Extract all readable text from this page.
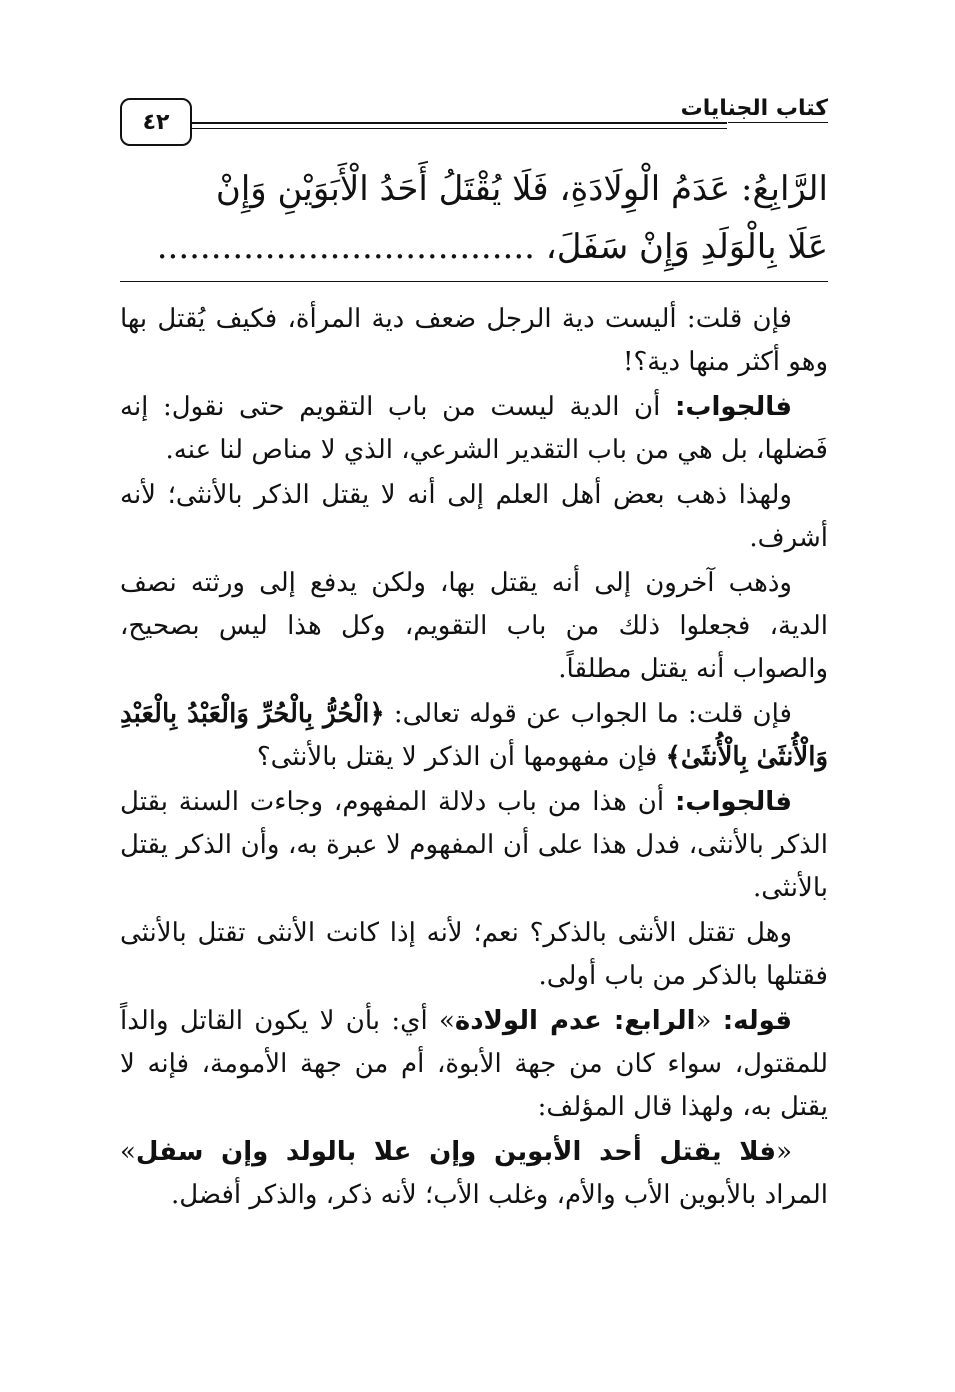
كتاب الجنايات
٤٢
الرَّابِعُ: عَدَمُ الْوِلَادَةِ، فَلَا يُقْتَلُ أَحَدُ الْأَبَوَيْنِ وَإِنْ
عَلَا بِالْوَلَدِ وَإِنْ سَفَلَ، ...................................

فإن قلت: أليست دية الرجل ضعف دية المرأة، فكيف يُقتل بها وهو أكثر منها دية؟!

فالجواب: أن الدية ليست من باب التقويم حتى نقول: إنه فَضلها، بل هي من باب التقدير الشرعي، الذي لا مناص لنا عنه.

ولهذا ذهب بعض أهل العلم إلى أنه لا يقتل الذكر بالأنثى؛ لأنه أشرف.

وذهب آخرون إلى أنه يقتل بها، ولكن يدفع إلى ورثته نصف الدية، فجعلوا ذلك من باب التقويم، وكل هذا ليس بصحيح، والصواب أنه يقتل مطلقاً.

فإن قلت: ما الجواب عن قوله تعالى: ﴿الْحُرُّ بِالْحُرِّ وَالْعَبْدُ بِالْعَبْدِ وَالْأُنثَىٰ بِالْأُنثَىٰ﴾ فإن مفهومها أن الذكر لا يقتل بالأنثى؟

فالجواب: أن هذا من باب دلالة المفهوم، وجاءت السنة بقتل الذكر بالأنثى، فدل هذا على أن المفهوم لا عبرة به، وأن الذكر يقتل بالأنثى.

وهل تقتل الأنثى بالذكر؟ نعم؛ لأنه إذا كانت الأنثى تقتل بالأنثى فقتلها بالذكر من باب أولى.

قوله: «الرابع: عدم الولادة» أي: بأن لا يكون القاتل والداً للمقتول، سواء كان من جهة الأبوة، أم من جهة الأمومة، فإنه لا يقتل به، ولهذا قال المؤلف:

«فلا يقتل أحد الأبوين وإن علا بالولد وإن سفل» المراد بالأبوين الأب والأم، وغلب الأب؛ لأنه ذكر، والذكر أفضل.
